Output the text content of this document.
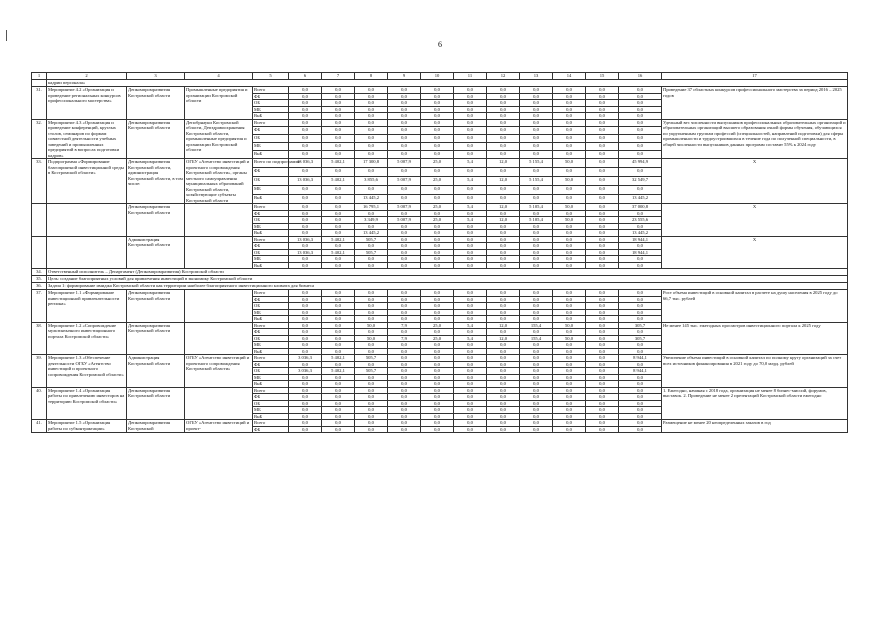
6
1	2	3	4	5	6	7	8	9	10	11	12	13	14	15	16	17
	кадрии персонала»															
31.	Мероприятие 4.2 «Организация и проведение региональных конкурсов профессионального мастерства»	Депкомпромразвития Костромской области	Промышленные предприятия и организации Костромской области	Всего	0,0	0,0	0,0	0,0	0,0	0,0	0,0	0,0	0,0	0,0	0,0	Проведение 37 областных конкурсов профессионального мастерства за период 2016 – 2025 годов
				ФБ	0,0	0,0	0,0	0,0	0,0	0,0	0,0	0,0	0,0	0,0	0,0	
				ОБ	0,0	0,0	0,0	0,0	0,0	0,0	0,0	0,0	0,0	0,0	0,0	
				МБ	0,0	0,0	0,0	0,0	0,0	0,0	0,0	0,0	0,0	0,0	0,0	
				ВнБ	0,0	0,0	0,0	0,0	0,0	0,0	0,0	0,0	0,0	0,0	0,0	
32.	Мероприятие 4.3 «Организация и проведение конференций, круглых столов, семинаров по формам совместной деятельности учебных заведений и промышленных предприятий в вопросах подготовки кадров»	Депкомпромразвития Костромской области	Депобрнауки Костромской области, Депздравоохранения Костромской области, промышленные предприятия и организации Костромской области	Всего	0,0	0,0	0,0	0,0	0,0	0,0	0,0	0,0	0,0	0,0	0,0	Удельный вес численности выпускников профессиональных образовательных организаций и образовательных организаций высшего образования очной формы обучения, обучающихся по укрупненным группам профессий (специальностей, направлений подготовки) для сферы промышленности и трудоустроившихся в течение года по полученной специальности, в общей численности выпускников данных программ составит 55% к 2024 году
				ФБ	0,0	0,0	0,0	0,0	0,0	0,0	0,0	0,0	0,0	0,0	0,0	
				ОБ	0,0	0,0	0,0	0,0	0,0	0,0	0,0	0,0	0,0	0,0	0,0	
				МБ	0,0	0,0	0,0	0,0	0,0	0,0	0,0	0,0	0,0	0,0	0,0	
				ВнБ	0,0	0,0	0,0	0,0	0,0	0,0	0,0	0,0	0,0	0,0	0,0	
33.	Подпрограмма «Формирование благоприятной инвестиционной среды в Костромской области»	Депкомпромразвития Костромской области, администрация Костромской области, в том числе:	ОГБУ «Агентство инвестиций и проектного сопровождения Костромской области», органы местного самоуправления муниципальных образований Костромской области, хозяйствующие субъекты Костромской области	Всего по подпрограмме	13 036,3	5 402,1	17 300,8	5 007,9	25,0	5,4	12,0	5 155,4	50,0	0,0	45 994,9	Х
				ФБ	0,0	0,0	0,0	0,0	0,0	0,0	0,0	0,0	0,0	0,0	0,0	
				ОБ	13 036,3	5 402,1	3 855,6	5 007,9	25,0	5,4	12,0	5 155,4	50,0	0,0	32 549,7	
				МБ	0,0	0,0	0,0	0,0	0,0	0,0	0,0	0,0	0,0	0,0	0,0	
				ВнБ	0,0	0,0	13 445,2	0,0	0,0	0,0	0,0	0,0	0,0	0,0	13 445,2	
		Депкомпромразвития Костромской области		Всего	0,0	0,0	16 795,1	5 007,9	25,0	5,4	12,0	5 105,4	50,0	0,0	37 000,8	Х
				ФБ	0,0	0,0	0,0	0,0	0,0	0,0	0,0	0,0	0,0	0,0	0,0	
				ОБ	0,0	0,0	3 349,9	5 007,9	25,0	5,4	12,0	5 105,4	50,0	0,0	23 555,6	
				МБ	0,0	0,0	0,0	0,0	0,0	0,0	0,0	0,0	0,0	0,0	0,0	
				ВнБ	0,0	0,0	13 445,2	0,0	0,0	0,0	0,0	0,0	0,0	0,0	13 445,2	
		Администрация Костромской области		Всего	13 036,3	5 402,1	505,7	0,0	0,0	0,0	0,0	0,0	0,0	0,0	18 944,1	Х
				ФБ	0,0	0,0	0,0	0,0	0,0	0,0	0,0	0,0	0,0	0,0	0,0	
				ОБ	13 036,3	5 402,1	505,7	0,0	0,0	0,0	0,0	0,0	0,0	0,0	18 944,1	
				МБ	0,0	0,0	0,0	0,0	0,0	0,0	0,0	0,0	0,0	0,0	0,0	
				ВнБ	0,0	0,0	0,0	0,0	0,0	0,0	0,0	0,0	0,0	0,0	0,0	
34.	Ответственный исполнитель – Департамент (Депкомпромразвития) Костромской области															
35.	Цель: создание благоприятных условий для привлечения инвестиций в экономику Костромской области															
36.	Задача 1: формирование имиджа Костромской области как территории наиболее благоприятного инвестиционного климата для бизнеса															
37.	Мероприятие 1.1 «Формирование инвестиционной привлекательности региона»	Депкомпромразвития Костромской области		Всего	0,0	0,0	0,0	0,0	0,0	0,0	0,0	0,0	0,0	0,0	0,0	Рост объема инвестиций в основной капитал в расчете на душу населения в 2025 году до 66,7 тыс. рублей
				ФБ	0,0	0,0	0,0	0,0	0,0	0,0	0,0	0,0	0,0	0,0	0,0	
				ОБ	0,0	0,0	0,0	0,0	0,0	0,0	0,0	0,0	0,0	0,0	0,0	
				МБ	0,0	0,0	0,0	0,0	0,0	0,0	0,0	0,0	0,0	0,0	0,0	
				ВнБ	0,0	0,0	0,0	0,0	0,0	0,0	0,0	0,0	0,0	0,0	0,0	
38.	Мероприятие 1.2 «Сопровождение мультиязычного инвестиционного портала Костромской области»	Депкомпромразвития Костромской области		Всего	0,0	0,0	50,0	7,9	25,0	5,4	12,0	155,4	50,0	0,0	305,7	Не менее 145 тыс. ежегодных просмотров инвестиционного портала к 2025 году
				ФБ	0,0	0,0	0,0	0,0	0,0	0,0	0,0	0,0	0,0	0,0	0,0	
				ОБ	0,0	0,0	50,0	7,9	25,0	5,4	12,0	155,4	50,0	0,0	305,7	
				МБ	0,0	0,0	0,0	0,0	0,0	0,0	0,0	0,0	0,0	0,0	0,0	
				ВнБ	0,0	0,0	0,0	0,0	0,0	0,0	0,0	0,0	0,0	0,0	0,0	
39.	Мероприятие 1.3 «Обеспечение деятельности ОГБУ «Агентство инвестиций и проектного сопровождения Костромской области»	Администрация Костромской области	ОГБУ «Агентство инвестиций и проектного сопровождения Костромской области»	Всего	3 036,3	5 402,1	505,7	0,0	0,0	0,0	0,0	0,0	0,0	0,0	8 944,1	Увеличение объема инвестиций в основной капитал по полному кругу организаций за счет всех источников финансирования в 2021 году до 70,0 млрд. рублей
				ФБ	0,0	0,0	0,0	0,0	0,0	0,0	0,0	0,0	0,0	0,0	0,0	
				ОБ	3 036,3	5 402,1	505,7	0,0	0,0	0,0	0,0	0,0	0,0	0,0	8 944,1	
				МБ	0,0	0,0	0,0	0,0	0,0	0,0	0,0	0,0	0,0	0,0	0,0	
				ВнБ	0,0	0,0	0,0	0,0	0,0	0,0	0,0	0,0	0,0	0,0	0,0	
40.	Мероприятие 1.4 «Организация работы по привлечению инвесторов на территорию Костромской области»	Депкомпромразвития Костромской области		Всего	0,0	0,0	0,0	0,0	0,0	0,0	0,0	0,0	0,0	0,0	0,0	1. Ежегодно, начиная с 2018 года, организация не менее 8 бизнес-миссий, форумов, выставок. 2. Проведение не менее 2 презентаций Костромской области ежегодно
				ФБ	0,0	0,0	0,0	0,0	0,0	0,0	0,0	0,0	0,0	0,0	0,0	
				ОБ	0,0	0,0	0,0	0,0	0,0	0,0	0,0	0,0	0,0	0,0	0,0	
				МБ	0,0	0,0	0,0	0,0	0,0	0,0	0,0	0,0	0,0	0,0	0,0	
				ВнБ	0,0	0,0	0,0	0,0	0,0	0,0	0,0	0,0	0,0	0,0	0,0	
41.	Мероприятие 1.5 «Организация работы по субконтрактации»	Депкомпромразвития Костромской	ОГБУ «Агентство инвестиций и проект-	Всего	0,0	0,0	0,0	0,0	0,0	0,0	0,0	0,0	0,0	0,0	0,0	Размещение не менее 20 неопределенных заказов в год
				ФБ	0,0	0,0	0,0	0,0	0,0	0,0	0,0	0,0	0,0	0,0	0,0	
